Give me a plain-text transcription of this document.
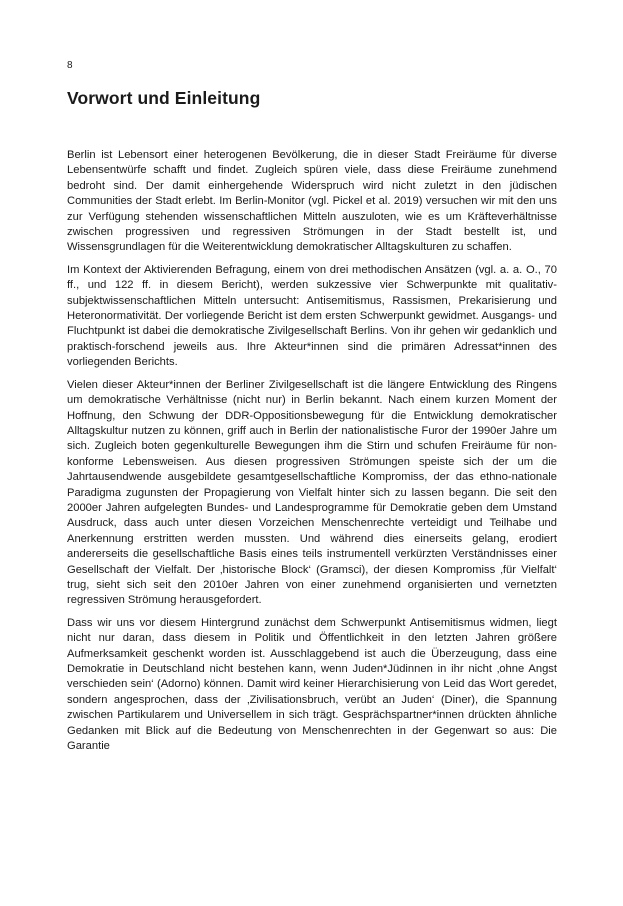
8
Vorwort und Einleitung

Berlin ist Lebensort einer heterogenen Bevölkerung, die in dieser Stadt Freiräume für diverse Lebensentwürfe schafft und findet. Zugleich spüren viele, dass diese Freiräume zunehmend bedroht sind. Der damit einhergehende Widerspruch wird nicht zuletzt in den jüdischen Communities der Stadt erlebt. Im Berlin-Monitor (vgl. Pickel et al. 2019) versuchen wir mit den uns zur Verfügung stehenden wissenschaftlichen Mitteln auszuloten, wie es um Kräfteverhältnisse zwischen progressiven und regressiven Strömungen in der Stadt bestellt ist, und Wissensgrundlagen für die Weiterentwicklung demokratischer Alltagskulturen zu schaffen.

Im Kontext der Aktivierenden Befragung, einem von drei methodischen Ansätzen (vgl. a. a. O., 70 ff., und 122 ff. in diesem Bericht), werden sukzessive vier Schwerpunkte mit qualitativ-subjektwissenschaftlichen Mitteln untersucht: Antisemitismus, Rassismen, Prekarisierung und Heteronormativität. Der vorliegende Bericht ist dem ersten Schwerpunkt gewidmet. Ausgangs- und Fluchtpunkt ist dabei die demokratische Zivilgesellschaft Berlins. Von ihr gehen wir gedanklich und praktisch-forschend jeweils aus. Ihre Akteur*innen sind die primären Adressat*innen des vorliegenden Berichts.

Vielen dieser Akteur*innen der Berliner Zivilgesellschaft ist die längere Entwicklung des Ringens um demokratische Verhältnisse (nicht nur) in Berlin bekannt. Nach einem kurzen Moment der Hoffnung, den Schwung der DDR-Oppositionsbewegung für die Entwicklung demokratischer Alltagskultur nutzen zu können, griff auch in Berlin der nationalistische Furor der 1990er Jahre um sich. Zugleich boten gegenkulturelle Bewegungen ihm die Stirn und schufen Freiräume für non-konforme Lebensweisen. Aus diesen progressiven Strömungen speiste sich der um die Jahrtausendwende ausgebildete gesamtgesellschaftliche Kompromiss, der das ethno-nationale Paradigma zugunsten der Propagierung von Vielfalt hinter sich zu lassen begann. Die seit den 2000er Jahren aufgelegten Bundes- und Landesprogramme für Demokratie geben dem Umstand Ausdruck, dass auch unter diesen Vorzeichen Menschenrechte verteidigt und Teilhabe und Anerkennung erstritten werden mussten. Und während dies einerseits gelang, erodiert andererseits die gesellschaftliche Basis eines teils instrumentell verkürzten Verständnisses einer Gesellschaft der Vielfalt. Der ‚historische Block‘ (Gramsci), der diesen Kompromiss ‚für Vielfalt‘ trug, sieht sich seit den 2010er Jahren von einer zunehmend organisierten und vernetzten regressiven Strömung herausgefordert.

Dass wir uns vor diesem Hintergrund zunächst dem Schwerpunkt Antisemitismus widmen, liegt nicht nur daran, dass diesem in Politik und Öffentlichkeit in den letzten Jahren größere Aufmerksamkeit geschenkt worden ist. Ausschlaggebend ist auch die Überzeugung, dass eine Demokratie in Deutschland nicht bestehen kann, wenn Juden*Jüdinnen in ihr nicht ‚ohne Angst verschieden sein‘ (Adorno) können. Damit wird keiner Hierarchisierung von Leid das Wort geredet, sondern angesprochen, dass der ‚Zivilisationsbruch, verübt an Juden‘ (Diner), die Spannung zwischen Partikularem und Universellem in sich trägt. Gesprächspartner*innen drückten ähnliche Gedanken mit Blick auf die Bedeutung von Menschenrechten in der Gegenwart so aus: Die Garantie
